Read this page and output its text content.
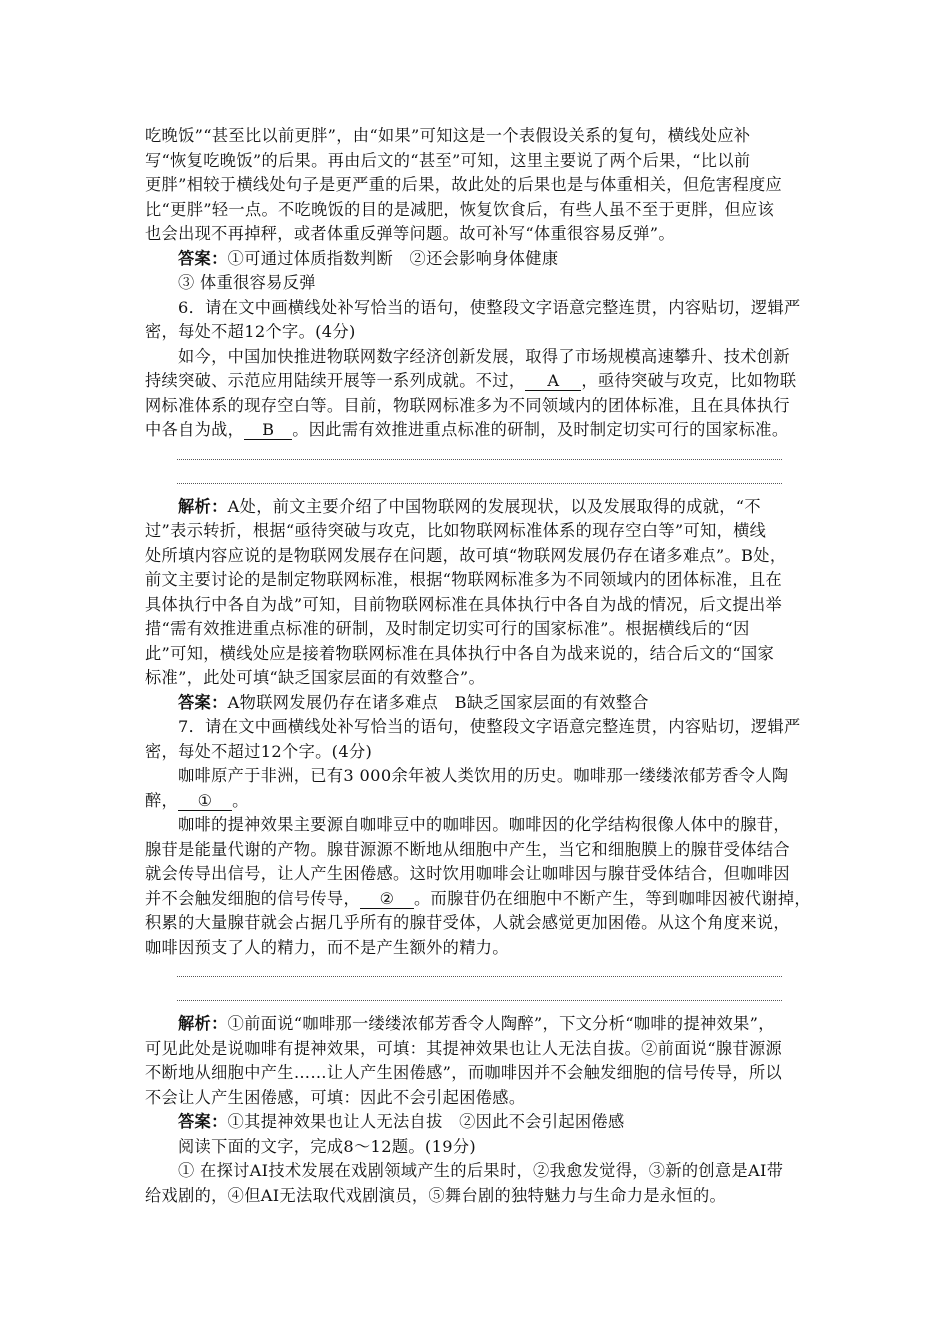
吃晚饭”“甚至比以前更胖”，由“如果”可知这是一个表假设关系的复句，横线处应补
写“恢复吃晚饭”的后果。再由后文的“甚至”可知，这里主要说了两个后果，“比以前
更胖”相较于横线处句子是更严重的后果，故此处的后果也是与体重相关，但危害程度应
比“更胖”轻一点。不吃晚饭的目的是减肥，恢复饮食后，有些人虽不至于更胖，但应该
也会出现不再掉秤，或者体重反弹等问题。故可补写“体重很容易反弹”。
答案：①可通过体质指数判断　②还会影响身体健康
③ 体重很容易反弹
6．请在文中画横线处补写恰当的语句，使整段文字语意完整连贯，内容贴切，逻辑严
密，每处不超12个字。(4分)
如今，中国加快推进物联网数字经济创新发展，取得了市场规模高速攀升、技术创新
持续突破、示范应用陆续开展等一系列成就。不过， A ，亟待突破与攻克，比如物联
网标准体系的现存空白等。目前，物联网标准多为不同领域内的团体标准，且在具体执行
中各自为战， B 。因此需有效推进重点标准的研制，及时制定切实可行的国家标准。
解析：A处，前文主要介绍了中国物联网的发展现状，以及发展取得的成就，“不
过”表示转折，根据“亟待突破与攻克，比如物联网标准体系的现存空白等”可知，横线
处所填内容应说的是物联网发展存在问题，故可填“物联网发展仍存在诸多难点”。B处，
前文主要讨论的是制定物联网标准，根据“物联网标准多为不同领域内的团体标准，且在
具体执行中各自为战”可知，目前物联网标准在具体执行中各自为战的情况，后文提出举
措“需有效推进重点标准的研制，及时制定切实可行的国家标准”。根据横线后的“因
此”可知，横线处应是接着物联网标准在具体执行中各自为战来说的，结合后文的“国家
标准”，此处可填“缺乏国家层面的有效整合”。
答案：A物联网发展仍存在诸多难点　B缺乏国家层面的有效整合
7．请在文中画横线处补写恰当的语句，使整段文字语意完整连贯，内容贴切，逻辑严
密，每处不超过12个字。(4分)
咖啡原产于非洲，已有3 000余年被人类饮用的历史。咖啡那一缕缕浓郁芳香令人陶
醉， ① 。
咖啡的提神效果主要源自咖啡豆中的咖啡因。咖啡因的化学结构很像人体中的腺苷，
腺苷是能量代谢的产物。腺苷源源不断地从细胞中产生，当它和细胞膜上的腺苷受体结合
就会传导出信号，让人产生困倦感。这时饮用咖啡会让咖啡因与腺苷受体结合，但咖啡因
并不会触发细胞的信号传导， ② 。而腺苷仍在细胞中不断产生，等到咖啡因被代谢掉，
积累的大量腺苷就会占据几乎所有的腺苷受体，人就会感觉更加困倦。从这个角度来说，
咖啡因预支了人的精力，而不是产生额外的精力。
解析：①前面说“咖啡那一缕缕浓郁芳香令人陶醉”，下文分析“咖啡的提神效果”，
可见此处是说咖啡有提神效果，可填：其提神效果也让人无法自拔。②前面说“腺苷源源
不断地从细胞中产生……让人产生困倦感”，而咖啡因并不会触发细胞的信号传导，所以
不会让人产生困倦感，可填：因此不会引起困倦感。
答案：①其提神效果也让人无法自拔　②因此不会引起困倦感
阅读下面的文字，完成8～12题。(19分)
① 在探讨AI技术发展在戏剧领域产生的后果时，②我愈发觉得，③新的创意是AI带
给戏剧的，④但AI无法取代戏剧演员，⑤舞台剧的独特魅力与生命力是永恒的。
